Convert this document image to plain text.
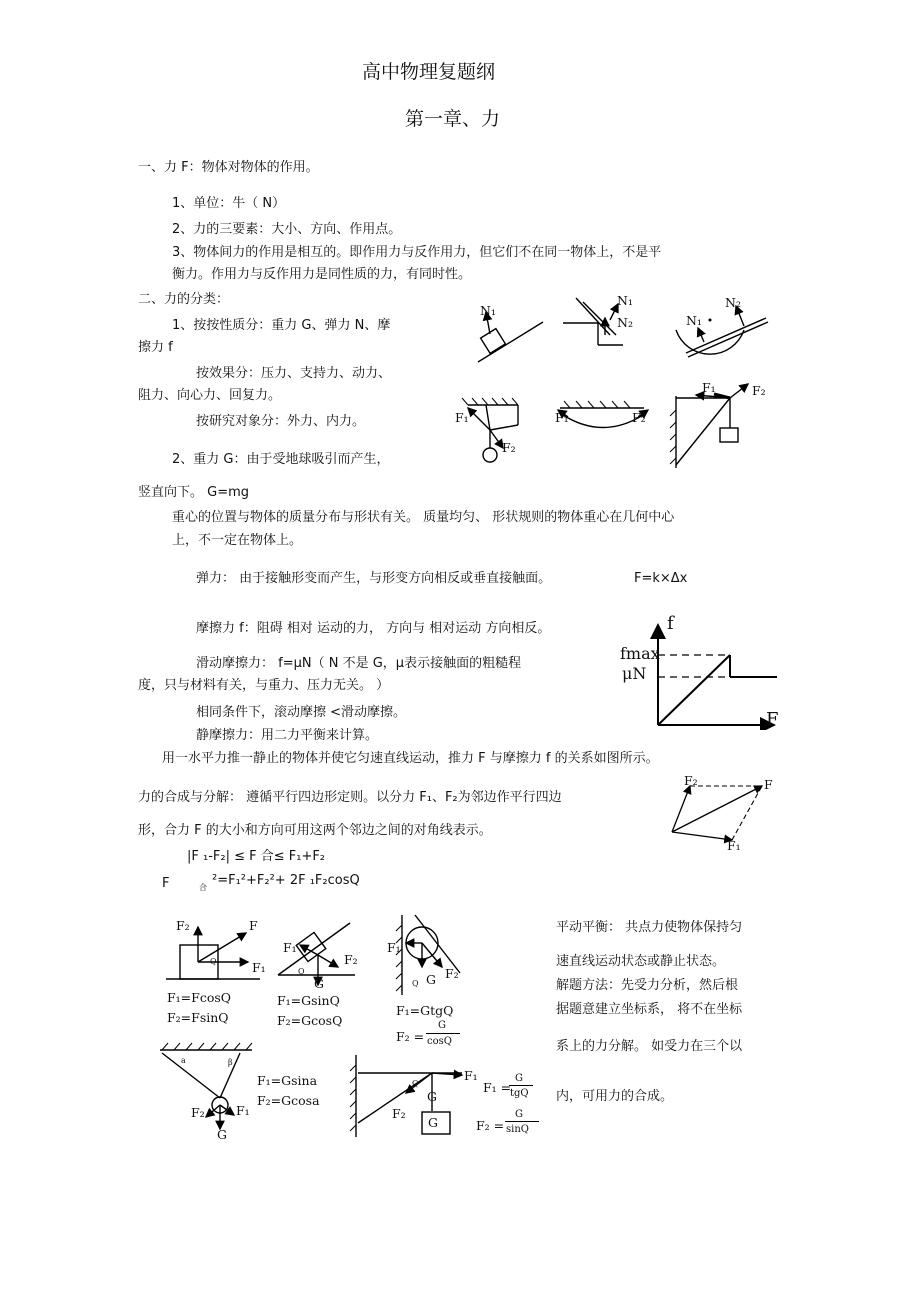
高中物理复题纲
第一章、力
一、力 F：物体对物体的作用。
1、单位：牛（ N）
2、力的三要素：大小、方向、作用点。
3、物体间力的作用是相互的。即作用力与反作用力，但它们不在同一物体上，不是平
衡力。作用力与反作用力是同性质的力，有同时性。
二、力的分类：
1、按按性质分：重力 G、弹力 N、摩
擦力 f
按效果分：压力、支持力、动力、
阻力、向心力、回复力。
按研究对象分：外力、内力。
2、重力 G：由于受地球吸引而产生，
竖直向下。 G=mg
重心的位置与物体的质量分布与形状有关。 质量均匀、 形状规则的物体重心在几何中心
上，不一定在物体上。
弹力： 由于接触形变而产生，与形变方向相反或垂直接触面。	F=k×Δx
摩擦力 f：阻碍 相对 运动的力， 方向与 相对运动 方向相反。
滑动摩擦力： f=μN（ N 不是 G，μ表示接触面的粗糙程
度，只与材料有关，与重力、压力无关。 ）
相同条件下，滚动摩擦 <滑动摩擦。
静摩擦力：用二力平衡来计算。
用一水平力推一静止的物体并使它匀速直线运动，推力 F 与摩擦力 f 的关系如图所示。
力的合成与分解： 遵循平行四边形定则。以分力 F₁、F₂为邻边作平行四边
形，合力 F 的大小和方向可用这两个邻边之间的对角线表示。
|F ₁-F₂| ≤ F 合≤ F₁+F₂
F	合 ²=F₁²+F₂²+ 2F ₁F₂cosQ
平动平衡： 共点力使物体保持匀
速直线运动状态或静止状态。
解题方法：先受力分析，然后根
据题意建立坐标系， 将不在坐标
系上的力分解。 如受力在三个以
内，可用力的合成。
N₁
N₁
N₂
N₂
N₁
F₁
F₂
F₁	F₂
F₁	F₂
f
fmax
μN
F
F₂	F
F₁
F₂	F
F₁
Q
F₁=FcosQ
F₂=FsinQ
F₁
F₂
G
Q
F₁=GsinQ
F₂=GcosQ
F₁
F₂
G
Q
F₁=GtgQ
F₂ =
G
cosQ
a	β
F₂	F₁
G
F₁=Gsina
F₂=Gcosa
F₁
F₂
G
Q
G
F₁ =
G
tgQ
F₂ =
G
sinQ
